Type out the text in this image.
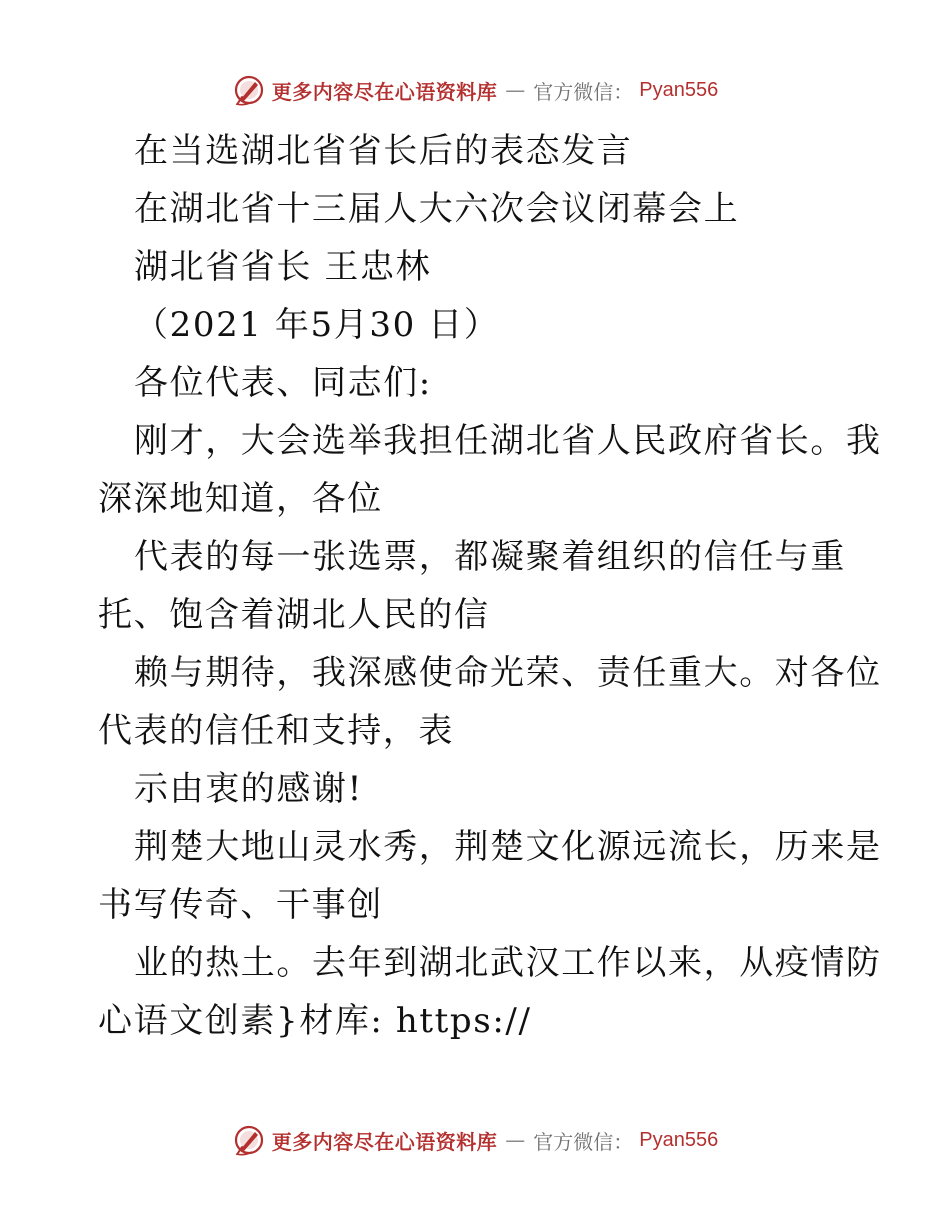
更多内容尽在心语资料库 — 官方微信： Pyan556
在当选湖北省省长后的表态发言
在湖北省十三届人大六次会议闭幕会上
湖北省省长 王忠林
（2021 年5月30 日）
各位代表、同志们:
刚才，大会选举我担任湖北省人民政府省长。我
深深地知道，各位
代表的每一张选票，都凝聚着组织的信任与重
托、饱含着湖北人民的信
赖与期待，我深感使命光荣、责任重大。对各位
代表的信任和支持，表
示由衷的感谢!
荆楚大地山灵水秀，荆楚文化源远流长，历来是
书写传奇、干事创
业的热土。去年到湖北武汉工作以来，从疫情防
心语文创素}材库: https://
更多内容尽在心语资料库 — 官方微信： Pyan556
